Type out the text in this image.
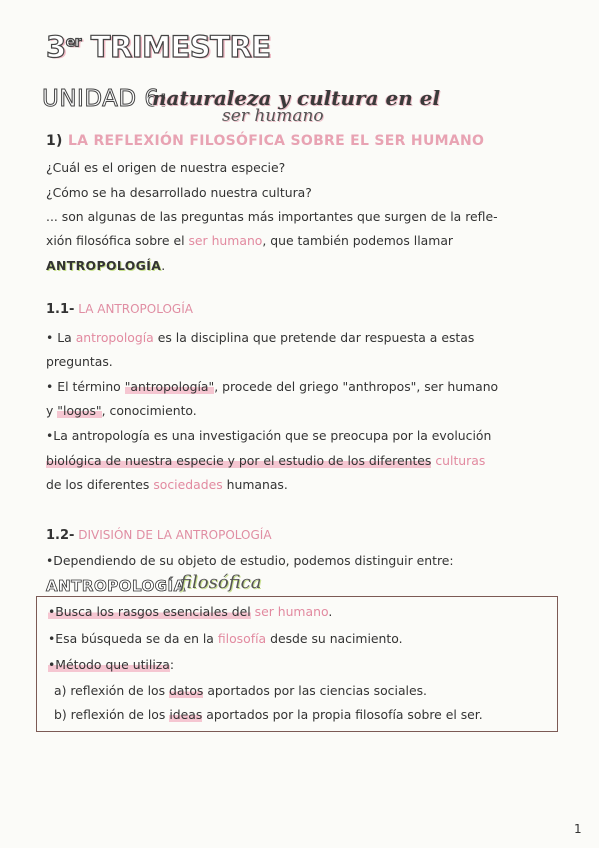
3er TRIMESTRE
UNIDAD 6:
naturaleza y cultura en el
ser humano
1) LA REFLEXIÓN FILOSÓFICA SOBRE EL SER HUMANO
¿Cuál es el origen de nuestra especie?
¿Cómo se ha desarrollado nuestra cultura?
... son algunas de las preguntas más importantes que surgen de la refle-
xión filosófica sobre el ser humano, que también podemos llamar
ANTROPOLOGÍA.
1.1- LA ANTROPOLOGÍA
• La antropología es la disciplina que pretende dar respuesta a estas
preguntas.
• El término "antropología", procede del griego "anthropos", ser humano
y "logos", conocimiento.
•La antropología es una investigación que se preocupa por la evolución
biológica de nuestra especie y por el estudio de los diferentes culturas
de los diferentes sociedades humanas.
1.2- DIVISIÓN DE LA ANTROPOLOGÍA
•Dependiendo de su objeto de estudio, podemos distinguir entre:
ANTROPOLOGÍA
filosófica
•Busca los rasgos esenciales del ser humano.
•Esa búsqueda se da en la filosofía desde su nacimiento.
•Método que utiliza:
a) reflexión de los datos aportados por las ciencias sociales.
b) reflexión de los ideas aportados por la propia filosofía sobre el ser.
1
